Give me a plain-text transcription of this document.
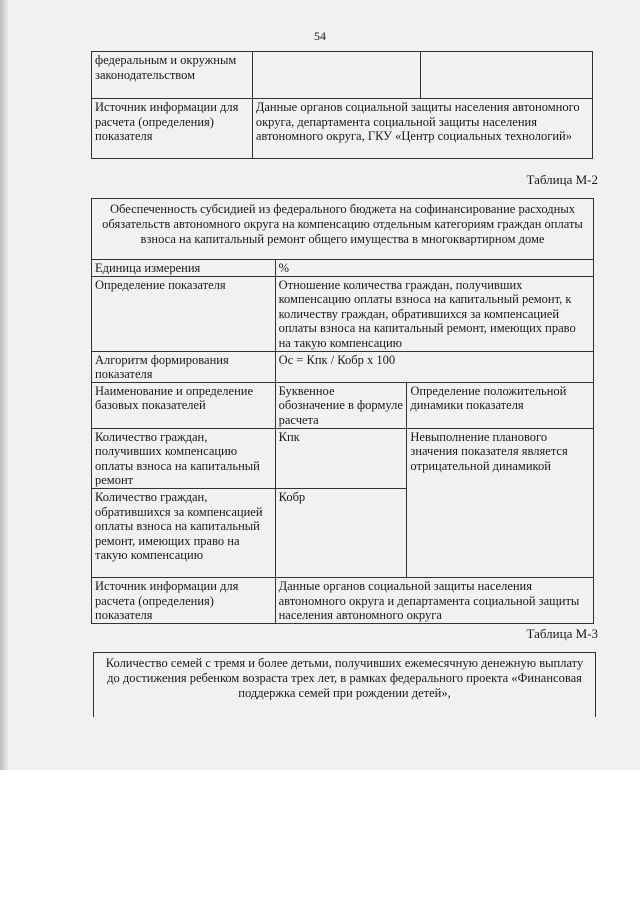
54
федеральным и окружным законодательством		
Источник информации для расчета (определения) показателя	Данные органов социальной защиты населения автономного округа, департамента социальной защиты населения автономного округа, ГКУ «Центр социальных технологий»	
Таблица М-2
Обеспеченность субсидией из федерального бюджета на софинансирование расходных обязательств автономного округа на компенсацию отдельным категориям граждан оплаты взноса на капитальный ремонт общего имущества в многоквартирном доме		
Единица измерения	%	
Определение показателя	Отношение количества граждан, получивших компенсацию оплаты взноса на капитальный ремонт, к количеству граждан, обратившихся за компенсацией оплаты взноса на капитальный ремонт, имеющих право на такую компенсацию	
Алгоритм формирования показателя	Ос = Кпк / Кобр х 100	
Наименование и определение базовых показателей	Буквенное обозначение в формуле расчета	Определение положительной динамики показателя
Количество граждан, получивших компенсацию оплаты взноса на капитальный ремонт	Кпк	Невыполнение планового значения показателя является отрицательной динамикой
Количество граждан, обратившихся за компенсацией оплаты взноса на капитальный ремонт, имеющих право на такую компенсацию	Кобр	
Источник информации для расчета (определения) показателя	Данные органов социальной защиты населения автономного округа и департамента социальной защиты населения автономного округа	
Таблица М-3
Количество семей с тремя и более детьми, получивших ежемесячную денежную выплату до достижения ребенком возраста трех лет, в рамках федерального проекта «Финансовая поддержка семей при рождении детей»,
